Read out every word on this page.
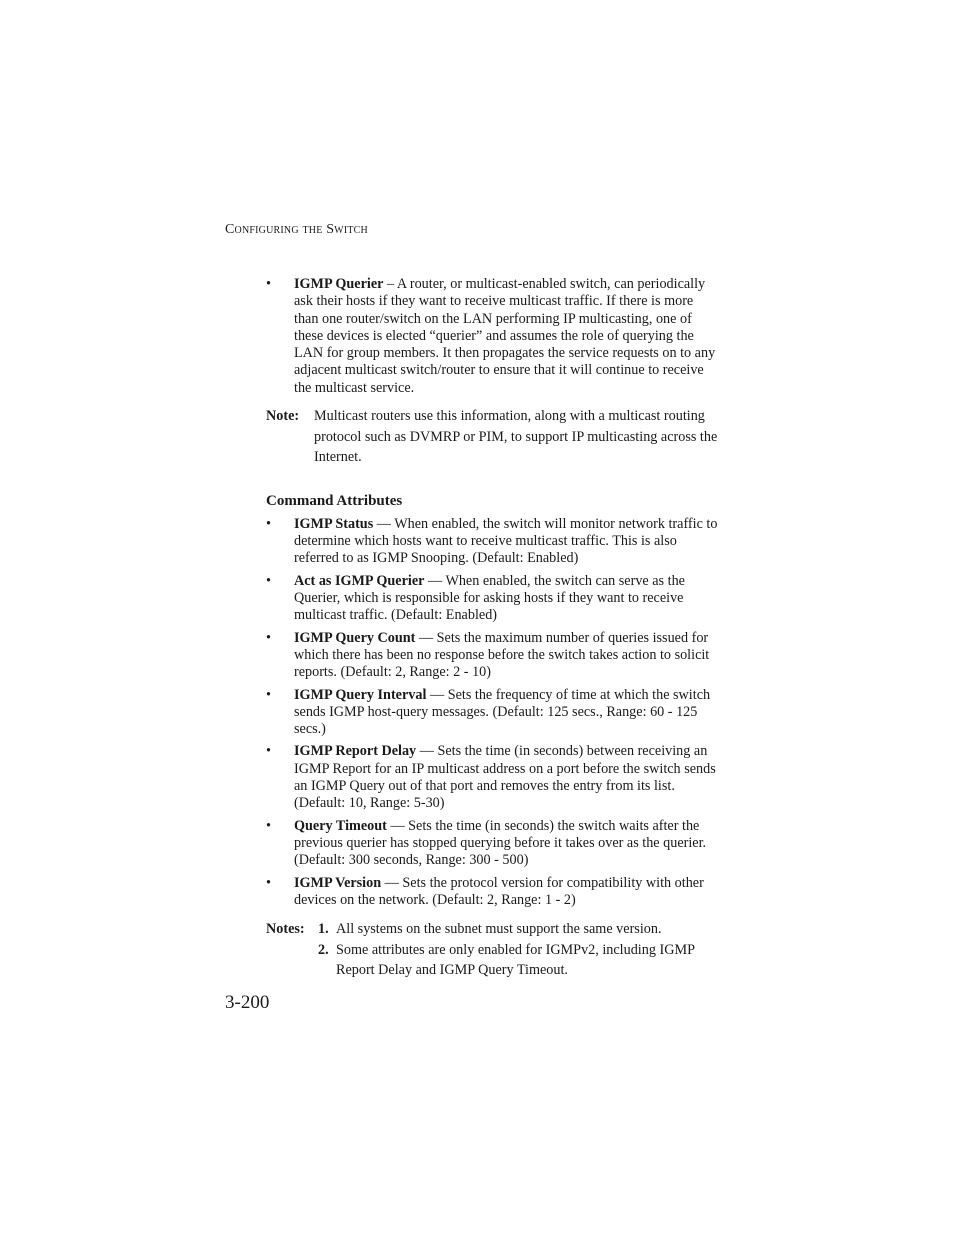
Configuring the Switch
• IGMP Querier – A router, or multicast-enabled switch, can periodically ask their hosts if they want to receive multicast traffic. If there is more than one router/switch on the LAN performing IP multicasting, one of these devices is elected “querier” and assumes the role of querying the LAN for group members. It then propagates the service requests on to any adjacent multicast switch/router to ensure that it will continue to receive the multicast service.
Note: Multicast routers use this information, along with a multicast routing protocol such as DVMRP or PIM, to support IP multicasting across the Internet.
Command Attributes
• IGMP Status — When enabled, the switch will monitor network traffic to determine which hosts want to receive multicast traffic. This is also referred to as IGMP Snooping. (Default: Enabled)
• Act as IGMP Querier — When enabled, the switch can serve as the Querier, which is responsible for asking hosts if they want to receive multicast traffic. (Default: Enabled)
• IGMP Query Count — Sets the maximum number of queries issued for which there has been no response before the switch takes action to solicit reports. (Default: 2, Range: 2 - 10)
• IGMP Query Interval — Sets the frequency of time at which the switch sends IGMP host-query messages. (Default: 125 secs., Range: 60 - 125 secs.)
• IGMP Report Delay — Sets the time (in seconds) between receiving an IGMP Report for an IP multicast address on a port before the switch sends an IGMP Query out of that port and removes the entry from its list. (Default: 10, Range: 5-30)
• Query Timeout — Sets the time (in seconds) the switch waits after the previous querier has stopped querying before it takes over as the querier. (Default: 300 seconds, Range: 300 - 500)
• IGMP Version — Sets the protocol version for compatibility with other devices on the network. (Default: 2, Range: 1 - 2)
Notes: 1. All systems on the subnet must support the same version.
2. Some attributes are only enabled for IGMPv2, including IGMP Report Delay and IGMP Query Timeout.
3-200
